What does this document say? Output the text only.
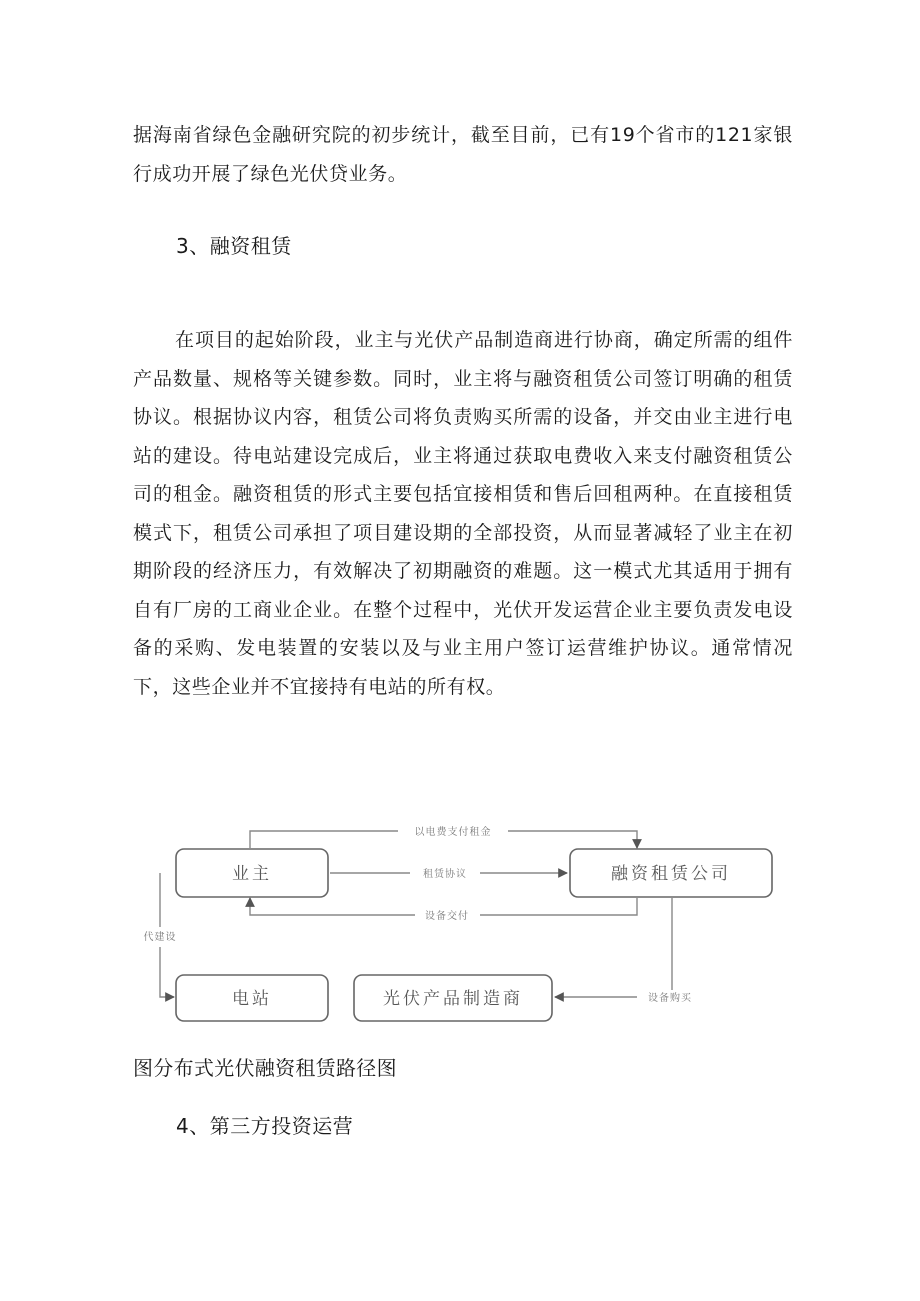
据海南省绿色金融研究院的初步统计，截至目前，已有19个省市的121家银行成功开展了绿色光伏贷业务。
3、融资租赁
在项目的起始阶段，业主与光伏产品制造商进行协商，确定所需的组件产品数量、规格等关键参数。同时，业主将与融资租赁公司签订明确的租赁协议。根据协议内容，租赁公司将负责购买所需的设备，并交由业主进行电站的建设。待电站建设完成后，业主将通过获取电费收入来支付融资租赁公司的租金。融资租赁的形式主要包括宜接相赁和售后回租两种。在直接租赁模式下，租赁公司承担了项目建设期的全部投资，从而显著减轻了业主在初期阶段的经济压力，有效解决了初期融资的难题。这一模式尤其适用于拥有自有厂房的工商业企业。在整个过程中，光伏开发运营企业主要负责发电设备的采购、发电装置的安装以及与业主用户签订运营维护协议。通常情况下，这些企业并不宜接持有电站的所有权。
以电费支付租金
租赁协议
设备交付
代建设
设备购买
业主	融资租赁公司
电站	光伏产品制造商
图分布式光伏融资租赁路径图
4、第三方投资运营
